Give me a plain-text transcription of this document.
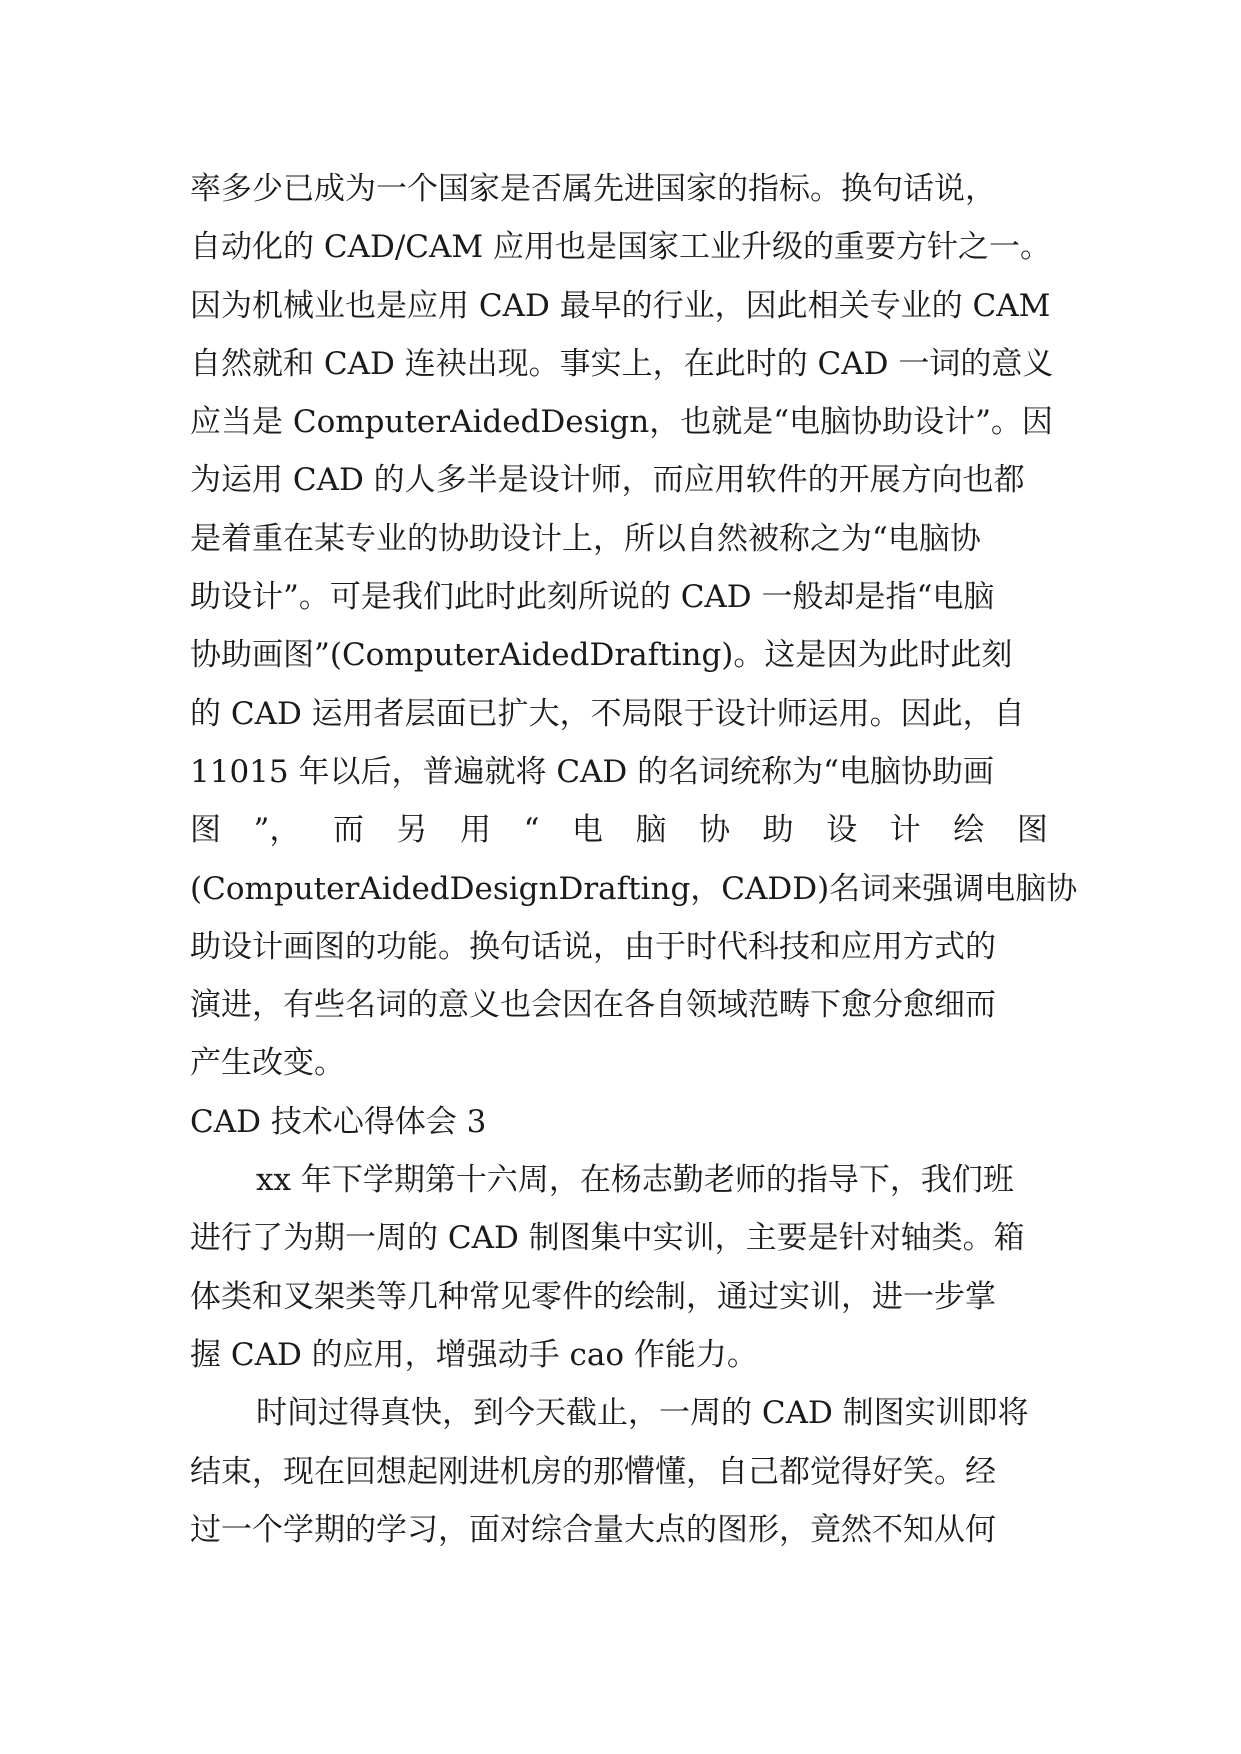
率多少已成为一个国家是否属先进国家的指标。换句话说，
自动化的 CAD/CAM 应用也是国家工业升级的重要方针之一。
因为机械业也是应用 CAD 最早的行业，因此相关专业的 CAM
自然就和 CAD 连袂出现。事实上，在此时的 CAD 一词的意义
应当是 ComputerAidedDesign，也就是“电脑协助设计”。因
为运用 CAD 的人多半是设计师，而应用软件的开展方向也都
是着重在某专业的协助设计上，所以自然被称之为“电脑协
助设计”。可是我们此时此刻所说的 CAD 一般却是指“电脑
协助画图”(ComputerAidedDrafting)。这是因为此时此刻
的 CAD 运用者层面已扩大，不局限于设计师运用。因此，自
11015 年以后，普遍就将 CAD 的名词统称为“电脑协助画
图 ”， 而 另 用 “ 电 脑 协 助 设 计 绘 图
(ComputerAidedDesignDrafting，CADD)名词来强调电脑协
助设计画图的功能。换句话说，由于时代科技和应用方式的
演进，有些名词的意义也会因在各自领域范畴下愈分愈细而
产生改变。
CAD 技术心得体会 3
xx 年下学期第十六周，在杨志勤老师的指导下，我们班
进行了为期一周的 CAD 制图集中实训，主要是针对轴类。箱
体类和叉架类等几种常见零件的绘制，通过实训，进一步掌
握 CAD 的应用，增强动手 cao 作能力。
时间过得真快，到今天截止，一周的 CAD 制图实训即将
结束，现在回想起刚进机房的那懵懂，自己都觉得好笑。经
过一个学期的学习，面对综合量大点的图形，竟然不知从何
